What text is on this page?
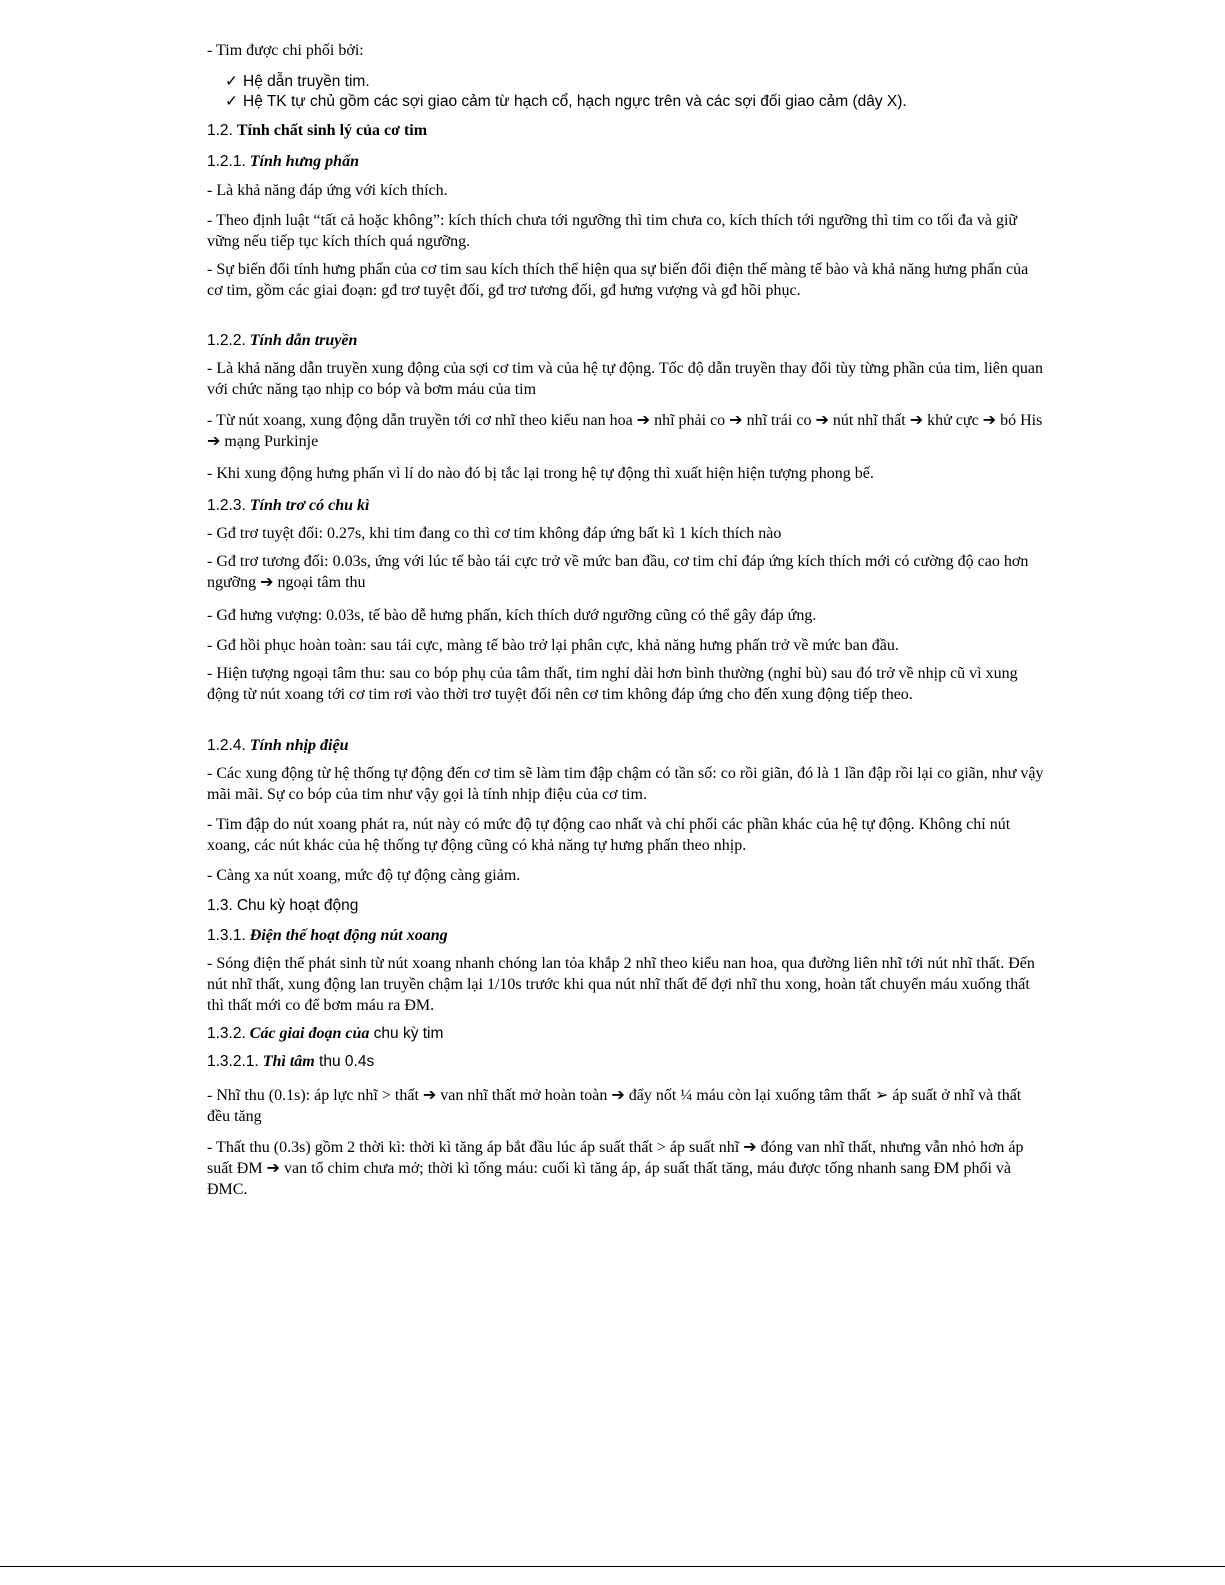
- Tim được chi phối bởi:

✓ Hệ dẫn truyền tim.
✓ Hệ TK tự chủ gồm các sợi giao cảm từ hạch cổ, hạch ngực trên và các sợi đối giao cảm (dây X).
1.2. Tính chất sinh lý của cơ tim
1.2.1. Tính hưng phấn

- Là khả năng đáp ứng với kích thích.

- Theo định luật “tất cả hoặc không”: kích thích chưa tới ngưỡng thì tim chưa co, kích thích tới ngưỡng thì tim co tối đa và giữ vững nếu tiếp tục kích thích quá ngưỡng.

- Sự biến đổi tính hưng phấn của cơ tim sau kích thích thể hiện qua sự biến đổi điện thế màng tế bào và khả năng hưng phấn của cơ tim, gồm các giai đoạn: gđ trơ tuyệt đối, gđ trơ tương đối, gđ hưng vượng và gđ hồi phục.

1.2.2. Tính dẫn truyền

- Là khả năng dẫn truyền xung động của sợi cơ tim và của hệ tự động. Tốc độ dẫn truyền thay đổi tùy từng phần của tim, liên quan với chức năng tạo nhịp co bóp và bơm máu của tim

- Từ nút xoang, xung động dẫn truyền tới cơ nhĩ theo kiểu nan hoa ➔ nhĩ phải co ➔ nhĩ trái co ➔ nút nhĩ thất ➔ khử cực ➔ bó His ➔ mạng Purkinje

- Khi xung động hưng phấn vì lí do nào đó bị tắc lại trong hệ tự động thì xuất hiện hiện tượng phong bế.

1.2.3. Tính trơ có chu kì

- Gđ trơ tuyệt đối: 0.27s, khi tim đang co thì cơ tim không đáp ứng bất kì 1 kích thích nào

- Gđ trơ tương đối: 0.03s, ứng với lúc tế bào tái cực trở về mức ban đầu, cơ tim chỉ đáp ứng kích thích mới có cường độ cao hơn ngưỡng ➔ ngoại tâm thu

- Gđ hưng vượng: 0.03s, tế bào dễ hưng phấn, kích thích dướ ngưỡng cũng có thể gây đáp ứng.

- Gđ hồi phục hoàn toàn: sau tái cực, màng tế bào trở lại phân cực, khả năng hưng phấn trở về mức ban đầu.

- Hiện tượng ngoại tâm thu: sau co bóp phụ của tâm thất, tim nghỉ dài hơn bình thường (nghỉ bù) sau đó trở về nhịp cũ vì xung động từ nút xoang tới cơ tim rơi vào thời trơ tuyệt đối nên cơ tim không đáp ứng cho đến xung động tiếp theo.

1.2.4. Tính nhịp điệu

- Các xung động từ hệ thống tự động đến cơ tim sẽ làm tim đập chậm có tần số: co rồi giãn, đó là 1 lần đập rồi lại co giãn, như vậy mãi mãi. Sự co bóp của tim như vậy gọi là tính nhịp điệu của cơ tim.

- Tim đập do nút xoang phát ra, nút này có mức độ tự động cao nhất và chỉ phối các phần khác của hệ tự động. Không chỉ nút xoang, các nút khác của hệ thống tự động cũng có khả năng tự hưng phấn theo nhịp.

- Càng xa nút xoang, mức độ tự động càng giảm.

1.3. Chu kỳ hoạt động
1.3.1. Điện thế hoạt động nút xoang

- Sóng điện thế phát sinh từ nút xoang nhanh chóng lan tỏa khắp 2 nhĩ theo kiểu nan hoa, qua đường liên nhĩ tới nút nhĩ thất. Đến nút nhĩ thất, xung động lan truyền chậm lại 1/10s trước khi qua nút nhĩ thất để đợi nhĩ thu xong, hoàn tất chuyển máu xuống thất thì thất mới co để bơm máu ra ĐM.

1.3.2. Các giai đoạn của chu kỳ tim
1.3.2.1. Thì tâm thu 0.4s

- Nhĩ thu (0.1s): áp lực nhĩ > thất ➔ van nhĩ thất mở hoàn toàn ➔ đẩy nốt ¼ máu còn lại xuống tâm thất ➢ áp suất ở nhĩ và thất đều tăng

- Thất thu (0.3s) gồm 2 thời kì: thời kì tăng áp bắt đầu lúc áp suất thất > áp suất nhĩ ➔ đóng van nhĩ thất, nhưng vẫn nhỏ hơn áp suất ĐM ➔ van tổ chim chưa mở; thời kì tống máu: cuối kì tăng áp, áp suất thất tăng, máu được tống nhanh sang ĐM phổi và ĐMC.
